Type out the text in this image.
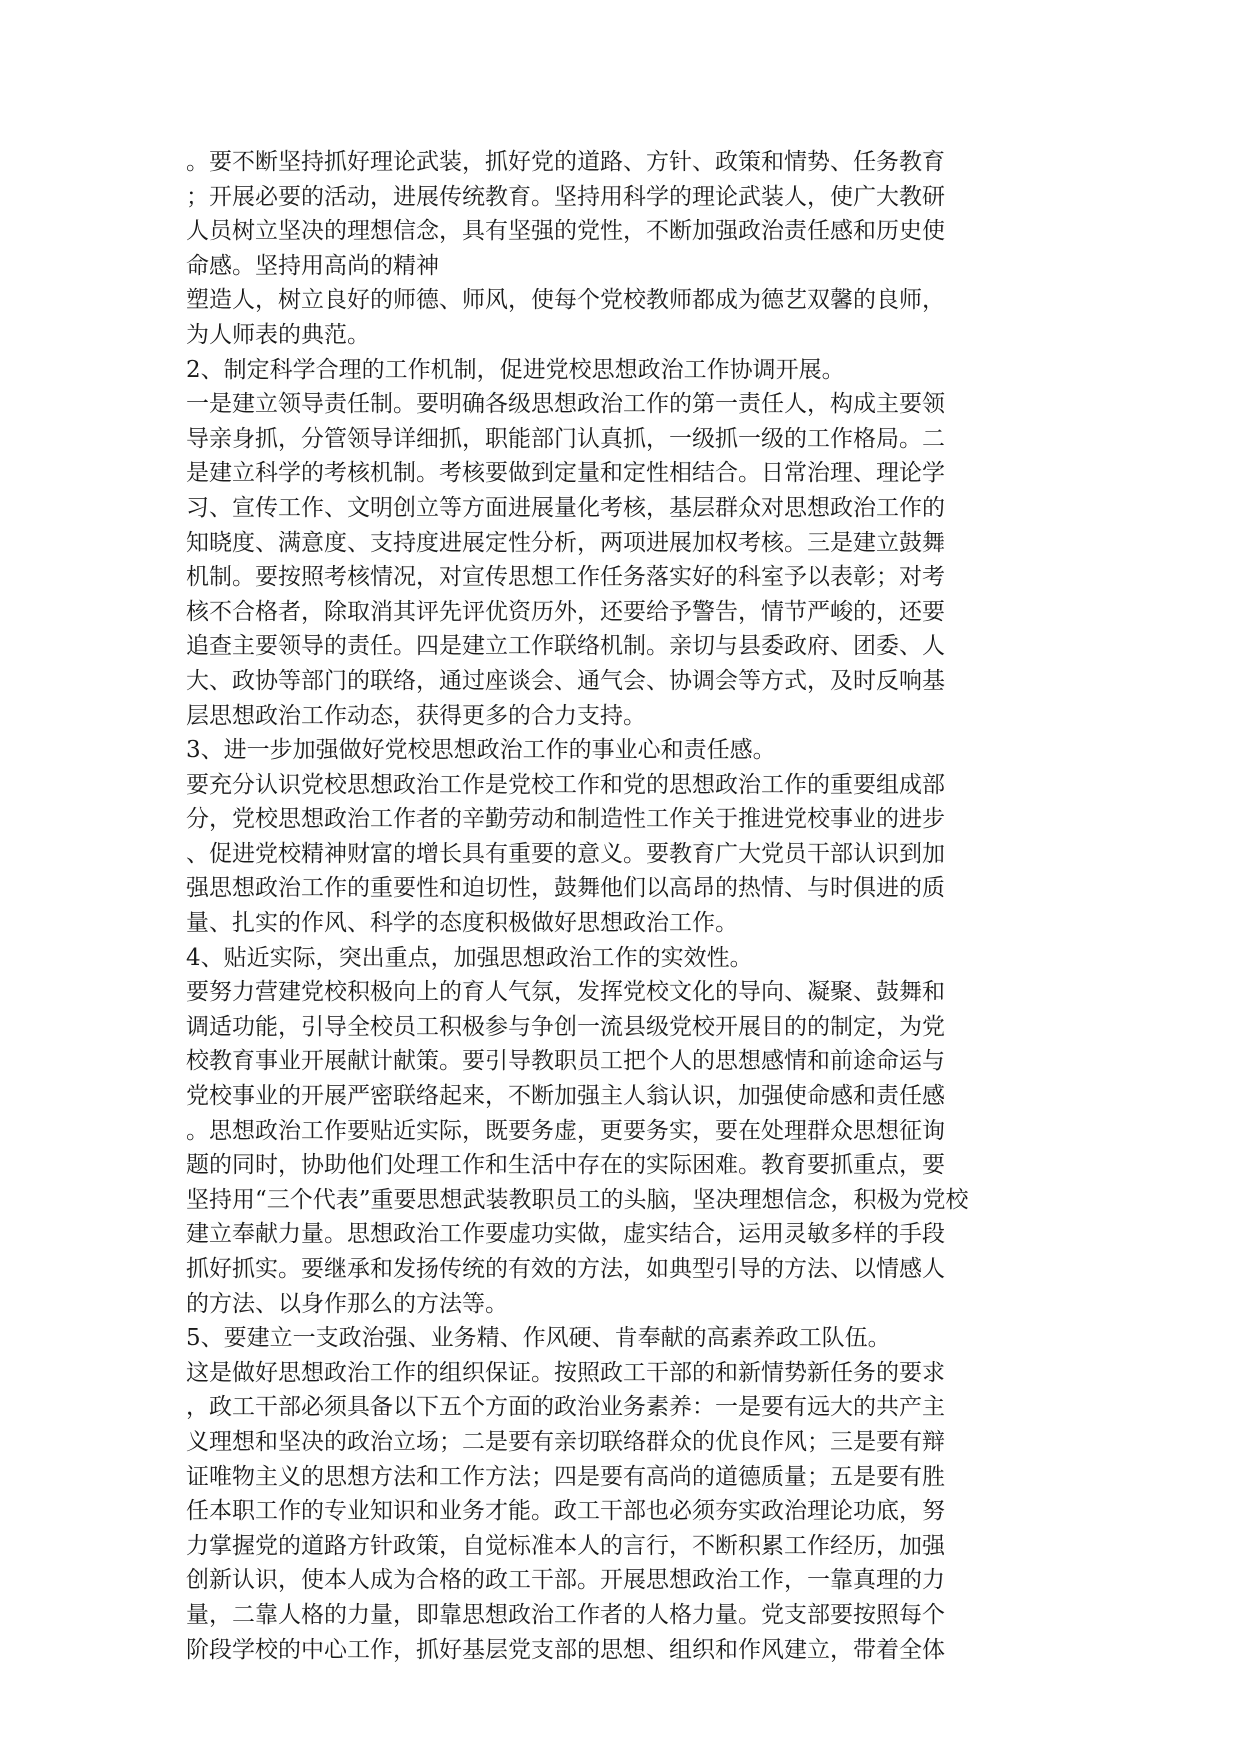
。要不断坚持抓好理论武装，抓好党的道路、方针、政策和情势、任务教育
；开展必要的活动，进展传统教育。坚持用科学的理论武装人，使广大教研
人员树立坚决的理想信念，具有坚强的党性，不断加强政治责任感和历史使
命感。坚持用高尚的精神
塑造人，树立良好的师德、师风，使每个党校教师都成为德艺双馨的良师，
为人师表的典范。
2、制定科学合理的工作机制，促进党校思想政治工作协调开展。
一是建立领导责任制。要明确各级思想政治工作的第一责任人，构成主要领
导亲身抓，分管领导详细抓，职能部门认真抓，一级抓一级的工作格局。二
是建立科学的考核机制。考核要做到定量和定性相结合。日常治理、理论学
习、宣传工作、文明创立等方面进展量化考核，基层群众对思想政治工作的
知晓度、满意度、支持度进展定性分析，两项进展加权考核。三是建立鼓舞
机制。要按照考核情况，对宣传思想工作任务落实好的科室予以表彰；对考
核不合格者，除取消其评先评优资历外，还要给予警告，情节严峻的，还要
追查主要领导的责任。四是建立工作联络机制。亲切与县委政府、团委、人
大、政协等部门的联络，通过座谈会、通气会、协调会等方式，及时反响基
层思想政治工作动态，获得更多的合力支持。
3、进一步加强做好党校思想政治工作的事业心和责任感。
要充分认识党校思想政治工作是党校工作和党的思想政治工作的重要组成部
分，党校思想政治工作者的辛勤劳动和制造性工作关于推进党校事业的进步
、促进党校精神财富的增长具有重要的意义。要教育广大党员干部认识到加
强思想政治工作的重要性和迫切性，鼓舞他们以高昂的热情、与时俱进的质
量、扎实的作风、科学的态度积极做好思想政治工作。
4、贴近实际，突出重点，加强思想政治工作的实效性。
要努力营建党校积极向上的育人气氛，发挥党校文化的导向、凝聚、鼓舞和
调适功能，引导全校员工积极参与争创一流县级党校开展目的的制定，为党
校教育事业开展献计献策。要引导教职员工把个人的思想感情和前途命运与
党校事业的开展严密联络起来，不断加强主人翁认识，加强使命感和责任感
。思想政治工作要贴近实际，既要务虚，更要务实，要在处理群众思想征询
题的同时，协助他们处理工作和生活中存在的实际困难。教育要抓重点，要
坚持用“三个代表”重要思想武装教职员工的头脑，坚决理想信念，积极为党校
建立奉献力量。思想政治工作要虚功实做，虚实结合，运用灵敏多样的手段
抓好抓实。要继承和发扬传统的有效的方法，如典型引导的方法、以情感人
的方法、以身作那么的方法等。
5、要建立一支政治强、业务精、作风硬、肯奉献的高素养政工队伍。
这是做好思想政治工作的组织保证。按照政工干部的和新情势新任务的要求
，政工干部必须具备以下五个方面的政治业务素养：一是要有远大的共产主
义理想和坚决的政治立场；二是要有亲切联络群众的优良作风；三是要有辩
证唯物主义的思想方法和工作方法；四是要有高尚的道德质量；五是要有胜
任本职工作的专业知识和业务才能。政工干部也必须夯实政治理论功底，努
力掌握党的道路方针政策，自觉标准本人的言行，不断积累工作经历，加强
创新认识，使本人成为合格的政工干部。开展思想政治工作，一靠真理的力
量，二靠人格的力量，即靠思想政治工作者的人格力量。党支部要按照每个
阶段学校的中心工作，抓好基层党支部的思想、组织和作风建立，带着全体
